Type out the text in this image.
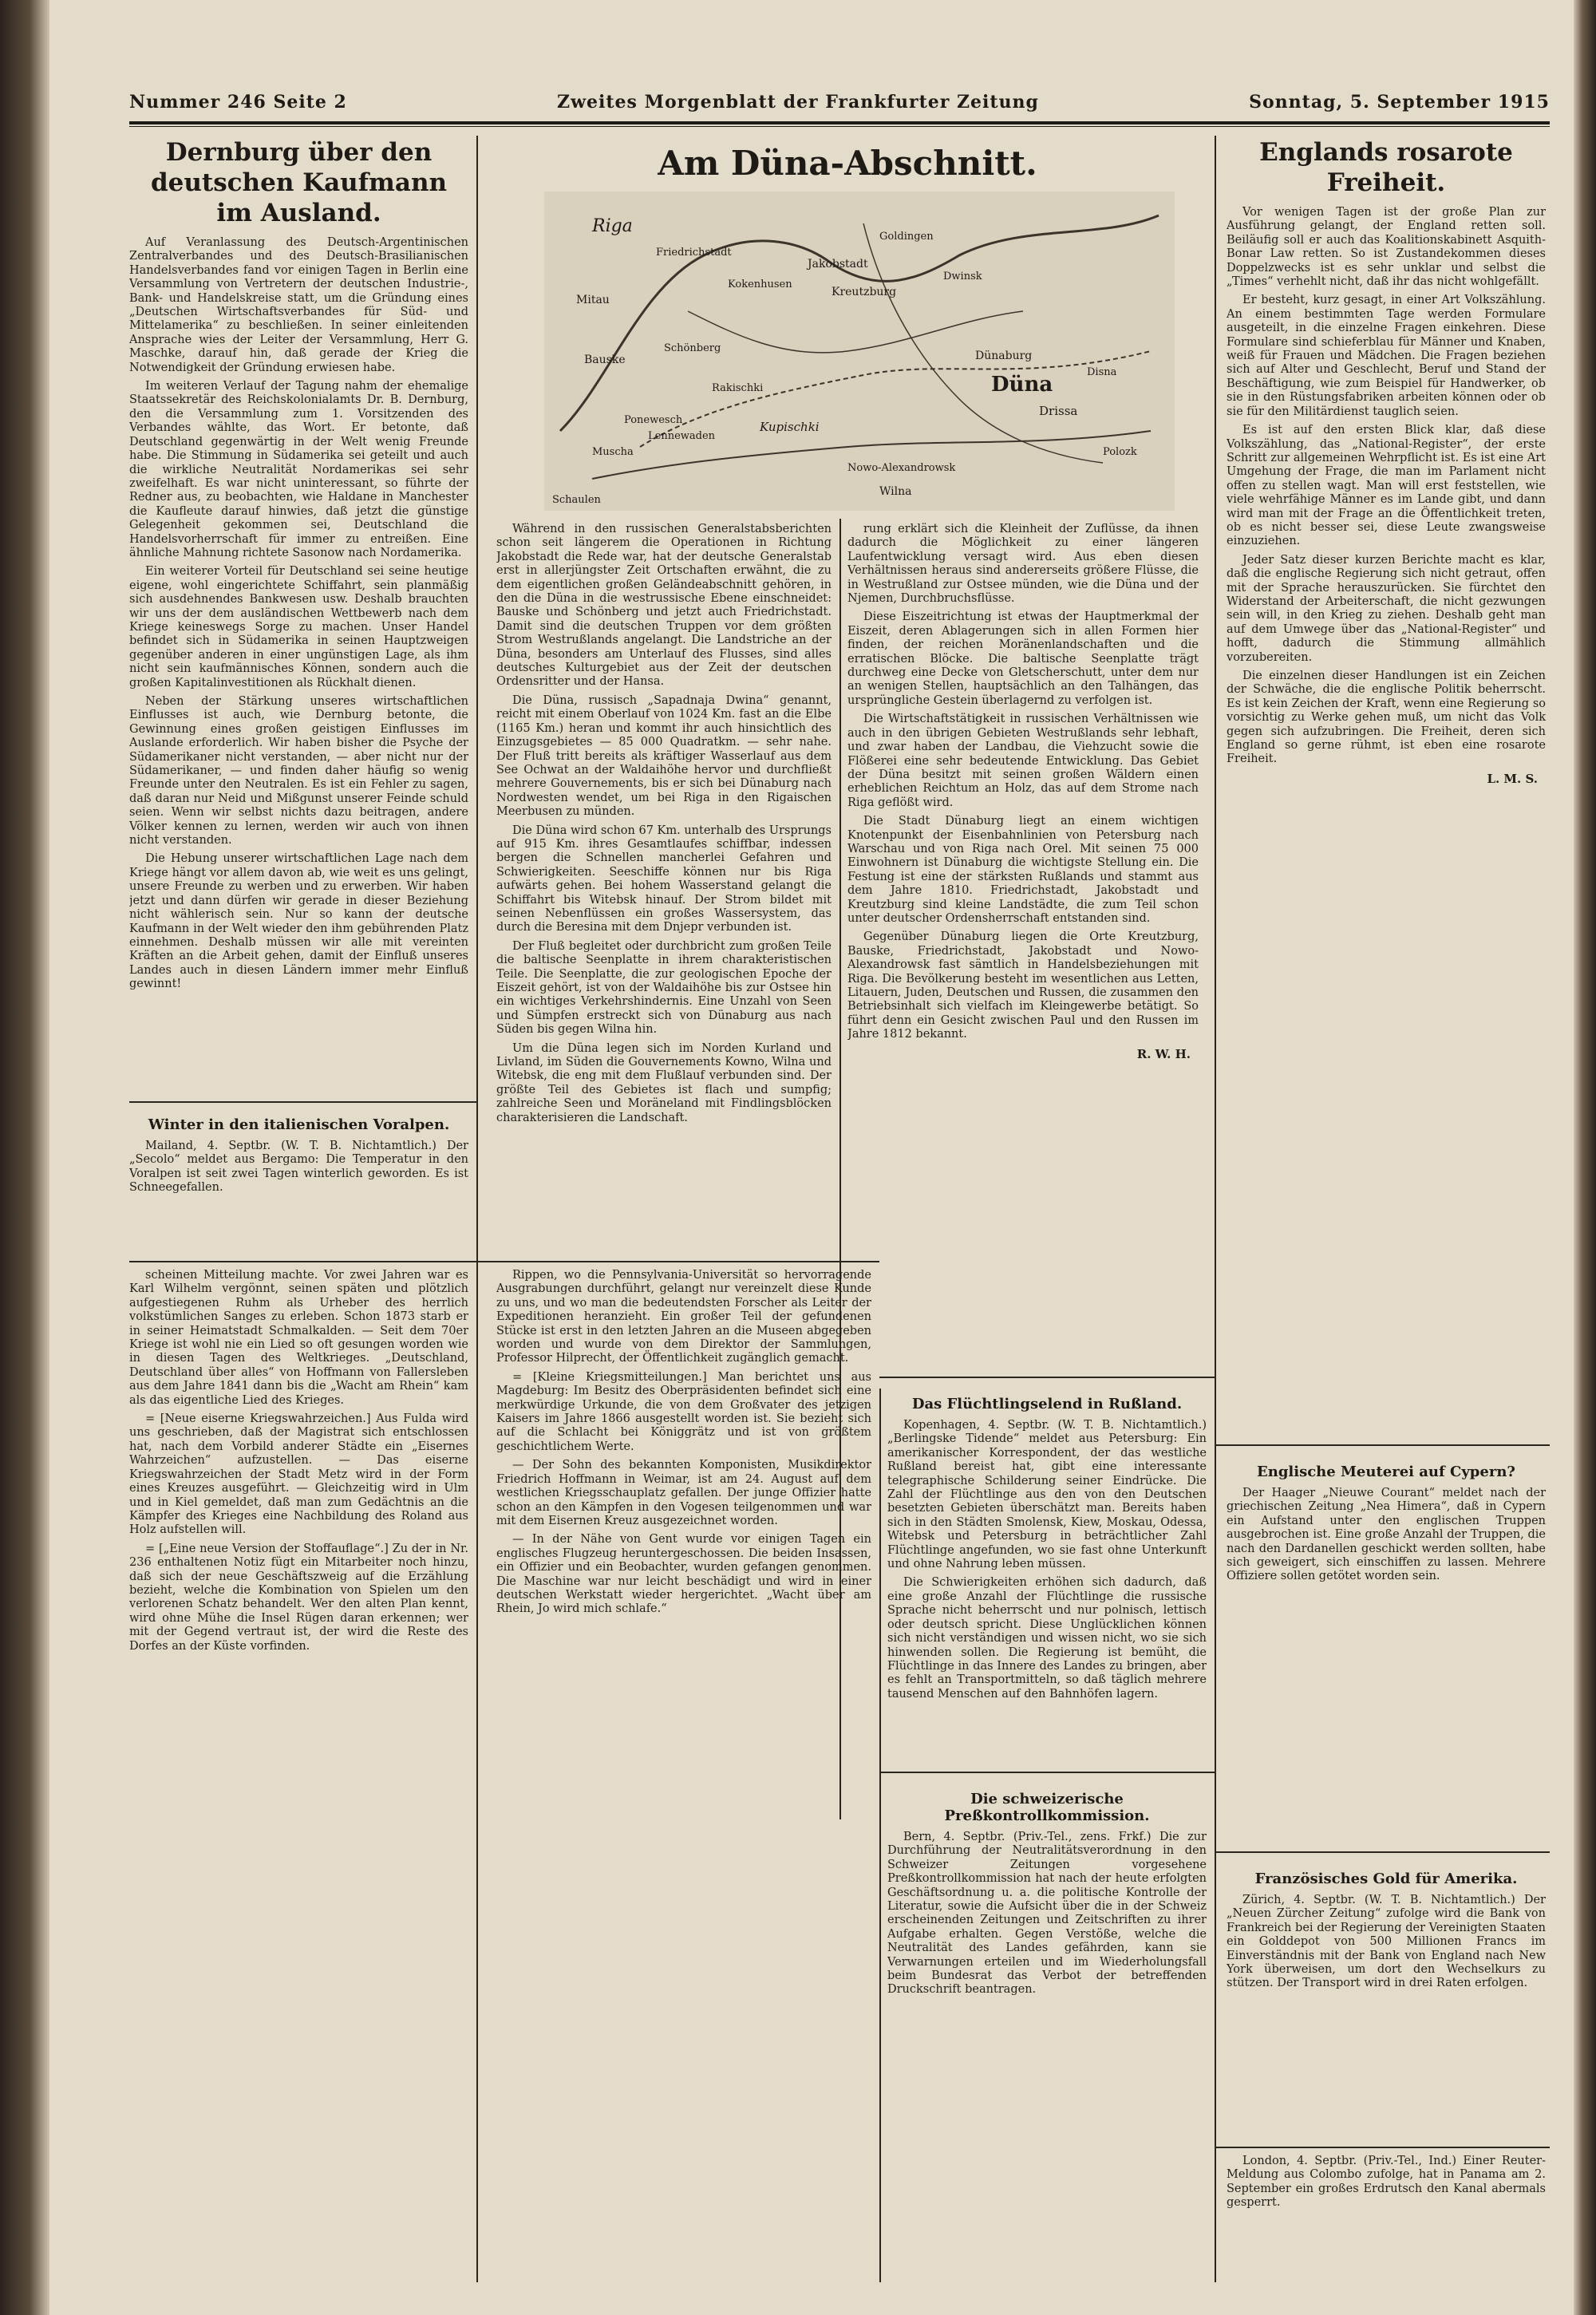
Nummer 246 Seite 2	Zweites Morgenblatt der Frankfurter Zeitung	Sonntag, 5. September 1915
Dernburg über den deutschen Kaufmann im Ausland.

Auf Veranlassung des Deutsch-Argentinischen Zentralverbandes und des Deutsch-Brasilianischen Handelsverbandes fand vor einigen Tagen in Berlin eine Versammlung von Vertretern der deutschen Industrie-, Bank- und Handelskreise statt, um die Gründung eines „Deutschen Wirtschaftsverbandes für Süd- und Mittelamerika“ zu beschließen. In seiner einleitenden Ansprache wies der Leiter der Versammlung, Herr G. Maschke, darauf hin, daß gerade der Krieg die Notwendigkeit der Gründung erwiesen habe.

Im weiteren Verlauf der Tagung nahm der ehemalige Staatssekretär des Reichskolonialamts Dr. B. Dernburg, den die Versammlung zum 1. Vorsitzenden des Verbandes wählte, das Wort. Er betonte, daß Deutschland gegenwärtig in der Welt wenig Freunde habe. Die Stimmung in Südamerika sei geteilt und auch die wirkliche Neutralität Nordamerikas sei sehr zweifelhaft. Es war nicht uninteressant, so führte der Redner aus, zu beobachten, wie Haldane in Manchester die Kaufleute darauf hinwies, daß jetzt die günstige Gelegenheit gekommen sei, Deutschland die Handelsvorherrschaft für immer zu entreißen. Eine ähnliche Mahnung richtete Sasonow nach Nordamerika.

Ein weiterer Vorteil für Deutschland sei seine heutige eigene, wohl eingerichtete Schiffahrt, sein planmäßig sich ausdehnendes Bankwesen usw. Deshalb brauchten wir uns der dem ausländischen Wettbewerb nach dem Kriege keineswegs Sorge zu machen. Unser Handel befindet sich in Südamerika in seinen Hauptzweigen gegenüber anderen in einer ungünstigen Lage, als ihm nicht sein kaufmännisches Können, sondern auch die großen Kapitalinvestitionen als Rückhalt dienen.

Neben der Stärkung unseres wirtschaftlichen Einflusses ist auch, wie Dernburg betonte, die Gewinnung eines großen geistigen Einflusses im Auslande erforderlich. Wir haben bisher die Psyche der Südamerikaner nicht verstanden, — aber nicht nur der Südamerikaner, — und finden daher häufig so wenig Freunde unter den Neutralen. Es ist ein Fehler zu sagen, daß daran nur Neid und Mißgunst unserer Feinde schuld seien. Wenn wir selbst nichts dazu beitragen, andere Völker kennen zu lernen, werden wir auch von ihnen nicht verstanden.

Die Hebung unserer wirtschaftlichen Lage nach dem Kriege hängt vor allem davon ab, wie weit es uns gelingt, unsere Freunde zu werben und zu erwerben. Wir haben jetzt und dann dürfen wir gerade in dieser Beziehung nicht wählerisch sein. Nur so kann der deutsche Kaufmann in der Welt wieder den ihm gebührenden Platz einnehmen. Deshalb müssen wir alle mit vereinten Kräften an die Arbeit gehen, damit der Einfluß unseres Landes auch in diesen Ländern immer mehr Einfluß gewinnt!

Winter in den italienischen Voralpen.

Mailand, 4. Septbr. (W. T. B. Nichtamtlich.) Der „Secolo“ meldet aus Bergamo: Die Temperatur in den Voralpen ist seit zwei Tagen winterlich geworden. Es ist Schneegefallen.

scheinen Mitteilung machte. Vor zwei Jahren war es Karl Wilhelm vergönnt, seinen späten und plötzlich aufgestiegenen Ruhm als Urheber des herrlich volkstümlichen Sanges zu erleben. Schon 1873 starb er in seiner Heimatstadt Schmalkalden. — Seit dem 70er Kriege ist wohl nie ein Lied so oft gesungen worden wie in diesen Tagen des Weltkrieges. „Deutschland, Deutschland über alles“ von Hoffmann von Fallersleben aus dem Jahre 1841 dann bis die „Wacht am Rhein“ kam als das eigentliche Lied des Krieges.

= [Neue eiserne Kriegswahrzeichen.] Aus Fulda wird uns geschrieben, daß der Magistrat sich entschlossen hat, nach dem Vorbild anderer Städte ein „Eisernes Wahrzeichen“ aufzustellen. — Das eiserne Kriegswahrzeichen der Stadt Metz wird in der Form eines Kreuzes ausgeführt. — Gleichzeitig wird in Ulm und in Kiel gemeldet, daß man zum Gedächtnis an die Kämpfer des Krieges eine Nachbildung des Roland aus Holz aufstellen will.

= [„Eine neue Version der Stoffauflage“.] Zu der in Nr. 236 enthaltenen Notiz fügt ein Mitarbeiter noch hinzu, daß sich der neue Geschäftszweig auf die Erzählung bezieht, welche die Kombination von Spielen um den verlorenen Schatz behandelt. Wer den alten Plan kennt, wird ohne Mühe die Insel Rügen daran erkennen; wer mit der Gegend vertraut ist, der wird die Reste des Dorfes an der Küste vorfinden.

Am Düna-Abschnitt.
Riga
Mitau
Bauske
Schönberg
Jakobstadt
Friedrichstadt
Düna
Dünaburg
Kreutzburg
Kokenhusen
Ponewesch	Kupischki
Rakischki
Lennewaden
Wilna
Disna
Polozk
Drissa
Nowo-Alexandrowsk
Muscha
Schaulen
Goldingen
Dwinsk

Während in den russischen Generalstabsberichten schon seit längerem die Operationen in Richtung Jakobstadt die Rede war, hat der deutsche Generalstab erst in allerjüngster Zeit Ortschaften erwähnt, die zu dem eigentlichen großen Geländeabschnitt gehören, in den die Düna in die westrussische Ebene einschneidet: Bauske und Schönberg und jetzt auch Friedrichstadt. Damit sind die deutschen Truppen vor dem größten Strom Westrußlands angelangt. Die Landstriche an der Düna, besonders am Unterlauf des Flusses, sind alles deutsches Kulturgebiet aus der Zeit der deutschen Ordensritter und der Hansa.

Die Düna, russisch „Sapadnaja Dwina“ genannt, reicht mit einem Oberlauf von 1024 Km. fast an die Elbe (1165 Km.) heran und kommt ihr auch hinsichtlich des Einzugsgebietes — 85 000 Quadratkm. — sehr nahe. Der Fluß tritt bereits als kräftiger Wasserlauf aus dem See Ochwat an der Waldaihöhe hervor und durchfließt mehrere Gouvernements, bis er sich bei Dünaburg nach Nordwesten wendet, um bei Riga in den Rigaischen Meerbusen zu münden.

Die Düna wird schon 67 Km. unterhalb des Ursprungs auf 915 Km. ihres Gesamtlaufes schiffbar, indessen bergen die Schnellen mancherlei Gefahren und Schwierigkeiten. Seeschiffe können nur bis Riga aufwärts gehen. Bei hohem Wasserstand gelangt die Schiffahrt bis Witebsk hinauf. Der Strom bildet mit seinen Nebenflüssen ein großes Wassersystem, das durch die Beresina mit dem Dnjepr verbunden ist.

Der Fluß begleitet oder durchbricht zum großen Teile die baltische Seenplatte in ihrem charakteristischen Teile. Die Seenplatte, die zur geologischen Epoche der Eiszeit gehört, ist von der Waldaihöhe bis zur Ostsee hin ein wichtiges Verkehrshindernis. Eine Unzahl von Seen und Sümpfen erstreckt sich von Dünaburg aus nach Süden bis gegen Wilna hin.

Um die Düna legen sich im Norden Kurland und Livland, im Süden die Gouvernements Kowno, Wilna und Witebsk, die eng mit dem Flußlauf verbunden sind. Der größte Teil des Gebietes ist flach und sumpfig; zahlreiche Seen und Moräneland mit Findlingsblöcken charakterisieren die Landschaft.

rung erklärt sich die Kleinheit der Zuflüsse, da ihnen dadurch die Möglichkeit zu einer längeren Laufentwicklung versagt wird. Aus eben diesen Verhältnissen heraus sind andererseits größere Flüsse, die in Westrußland zur Ostsee münden, wie die Düna und der Njemen, Durchbruchsflüsse.

Diese Eiszeitrichtung ist etwas der Hauptmerkmal der Eiszeit, deren Ablagerungen sich in allen Formen hier finden, der reichen Moränenlandschaften und die erratischen Blöcke. Die baltische Seenplatte trägt durchweg eine Decke von Gletscherschutt, unter dem nur an wenigen Stellen, hauptsächlich an den Talhängen, das ursprüngliche Gestein überlagernd zu verfolgen ist.

Die Wirtschaftstätigkeit in russischen Verhältnissen wie auch in den übrigen Gebieten Westrußlands sehr lebhaft, und zwar haben der Landbau, die Viehzucht sowie die Flößerei eine sehr bedeutende Entwicklung. Das Gebiet der Düna besitzt mit seinen großen Wäldern einen erheblichen Reichtum an Holz, das auf dem Strome nach Riga geflößt wird.

Die Stadt Dünaburg liegt an einem wichtigen Knotenpunkt der Eisenbahnlinien von Petersburg nach Warschau und von Riga nach Orel. Mit seinen 75 000 Einwohnern ist Dünaburg die wichtigste Stellung ein. Die Festung ist eine der stärksten Rußlands und stammt aus dem Jahre 1810. Friedrichstadt, Jakobstadt und Kreutzburg sind kleine Landstädte, die zum Teil schon unter deutscher Ordensherrschaft entstanden sind.

Gegenüber Dünaburg liegen die Orte Kreutzburg, Bauske, Friedrichstadt, Jakobstadt und Nowo-Alexandrowsk fast sämtlich in Handelsbeziehungen mit Riga. Die Bevölkerung besteht im wesentlichen aus Letten, Litauern, Juden, Deutschen und Russen, die zusammen den Betriebsinhalt sich vielfach im Kleingewerbe betätigt. So führt denn ein Gesicht zwischen Paul und den Russen im Jahre 1812 bekannt.

R. W. H.

Rippen, wo die Pennsylvania-Universität so hervorragende Ausgrabungen durchführt, gelangt nur vereinzelt diese Kunde zu uns, und wo man die bedeutendsten Forscher als Leiter der Expeditionen heranzieht. Ein großer Teil der gefundenen Stücke ist erst in den letzten Jahren an die Museen abgegeben worden und wurde von dem Direktor der Sammlungen, Professor Hilprecht, der Öffentlichkeit zugänglich gemacht.

= [Kleine Kriegsmitteilungen.] Man berichtet uns aus Magdeburg: Im Besitz des Oberpräsidenten befindet sich eine merkwürdige Urkunde, die von dem Großvater des jetzigen Kaisers im Jahre 1866 ausgestellt worden ist. Sie bezieht sich auf die Schlacht bei Königgrätz und ist von größtem geschichtlichem Werte.

— Der Sohn des bekannten Komponisten, Musikdirektor Friedrich Hoffmann in Weimar, ist am 24. August auf dem westlichen Kriegsschauplatz gefallen. Der junge Offizier hatte schon an den Kämpfen in den Vogesen teilgenommen und war mit dem Eisernen Kreuz ausgezeichnet worden.

— In der Nähe von Gent wurde vor einigen Tagen ein englisches Flugzeug heruntergeschossen. Die beiden Insassen, ein Offizier und ein Beobachter, wurden gefangen genommen. Die Maschine war nur leicht beschädigt und wird in einer deutschen Werkstatt wieder hergerichtet. „Wacht über am Rhein, Jo wird mich schlafe.“

Das Flüchtlingselend in Rußland.

Kopenhagen, 4. Septbr. (W. T. B. Nichtamtlich.) „Berlingske Tidende“ meldet aus Petersburg: Ein amerikanischer Korrespondent, der das westliche Rußland bereist hat, gibt eine interessante telegraphische Schilderung seiner Eindrücke. Die Zahl der Flüchtlinge aus den von den Deutschen besetzten Gebieten überschätzt man. Bereits haben sich in den Städten Smolensk, Kiew, Moskau, Odessa, Witebsk und Petersburg in beträchtlicher Zahl Flüchtlinge angefunden, wo sie fast ohne Unterkunft und ohne Nahrung leben müssen.

Die Schwierigkeiten erhöhen sich dadurch, daß eine große Anzahl der Flüchtlinge die russische Sprache nicht beherrscht und nur polnisch, lettisch oder deutsch spricht. Diese Unglücklichen können sich nicht verständigen und wissen nicht, wo sie sich hinwenden sollen. Die Regierung ist bemüht, die Flüchtlinge in das Innere des Landes zu bringen, aber es fehlt an Transportmitteln, so daß täglich mehrere tausend Menschen auf den Bahnhöfen lagern.

Die schweizerische Preßkontrollkommission.

Bern, 4. Septbr. (Priv.-Tel., zens. Frkf.) Die zur Durchführung der Neutralitätsverordnung in den Schweizer Zeitungen vorgesehene Preßkontrollkommission hat nach der heute erfolgten Geschäftsordnung u. a. die politische Kontrolle der Literatur, sowie die Aufsicht über die in der Schweiz erscheinenden Zeitungen und Zeitschriften zu ihrer Aufgabe erhalten. Gegen Verstöße, welche die Neutralität des Landes gefährden, kann sie Verwarnungen erteilen und im Wiederholungsfall beim Bundesrat das Verbot der betreffenden Druckschrift beantragen.

Englands rosarote Freiheit.

Vor wenigen Tagen ist der große Plan zur Ausführung gelangt, der England retten soll. Beiläufig soll er auch das Koalitionskabinett Asquith-Bonar Law retten. So ist Zustandekommen dieses Doppelzwecks ist es sehr unklar und selbst die „Times“ verhehlt nicht, daß ihr das nicht wohlgefällt.

Er besteht, kurz gesagt, in einer Art Volkszählung. An einem bestimmten Tage werden Formulare ausgeteilt, in die einzelne Fragen einkehren. Diese Formulare sind schieferblau für Männer und Knaben, weiß für Frauen und Mädchen. Die Fragen beziehen sich auf Alter und Geschlecht, Beruf und Stand der Beschäftigung, wie zum Beispiel für Handwerker, ob sie in den Rüstungsfabriken arbeiten können oder ob sie für den Militärdienst tauglich seien.

Es ist auf den ersten Blick klar, daß diese Volkszählung, das „National-Register“, der erste Schritt zur allgemeinen Wehrpflicht ist. Es ist eine Art Umgehung der Frage, die man im Parlament nicht offen zu stellen wagt. Man will erst feststellen, wie viele wehrfähige Männer es im Lande gibt, und dann wird man mit der Frage an die Öffentlichkeit treten, ob es nicht besser sei, diese Leute zwangsweise einzuziehen.

Jeder Satz dieser kurzen Berichte macht es klar, daß die englische Regierung sich nicht getraut, offen mit der Sprache herauszurücken. Sie fürchtet den Widerstand der Arbeiterschaft, die nicht gezwungen sein will, in den Krieg zu ziehen. Deshalb geht man auf dem Umwege über das „National-Register“ und hofft, dadurch die Stimmung allmählich vorzubereiten.

Die einzelnen dieser Handlungen ist ein Zeichen der Schwäche, die die englische Politik beherrscht. Es ist kein Zeichen der Kraft, wenn eine Regierung so vorsichtig zu Werke gehen muß, um nicht das Volk gegen sich aufzubringen. Die Freiheit, deren sich England so gerne rühmt, ist eben eine rosarote Freiheit.

L. M. S.
Englische Meuterei auf Cypern?

Der Haager „Nieuwe Courant“ meldet nach der griechischen Zeitung „Nea Himera“, daß in Cypern ein Aufstand unter den englischen Truppen ausgebrochen ist. Eine große Anzahl der Truppen, die nach den Dardanellen geschickt werden sollten, habe sich geweigert, sich einschiffen zu lassen. Mehrere Offiziere sollen getötet worden sein.

Französisches Gold für Amerika.

Zürich, 4. Septbr. (W. T. B. Nichtamtlich.) Der „Neuen Zürcher Zeitung“ zufolge wird die Bank von Frankreich bei der Regierung der Vereinigten Staaten ein Golddepot von 500 Millionen Francs im Einverständnis mit der Bank von England nach New York überweisen, um dort den Wechselkurs zu stützen. Der Transport wird in drei Raten erfolgen.

London, 4. Septbr. (Priv.-Tel., Ind.) Einer Reuter-Meldung aus Colombo zufolge, hat in Panama am 2. September ein großes Erdrutsch den Kanal abermals gesperrt.
